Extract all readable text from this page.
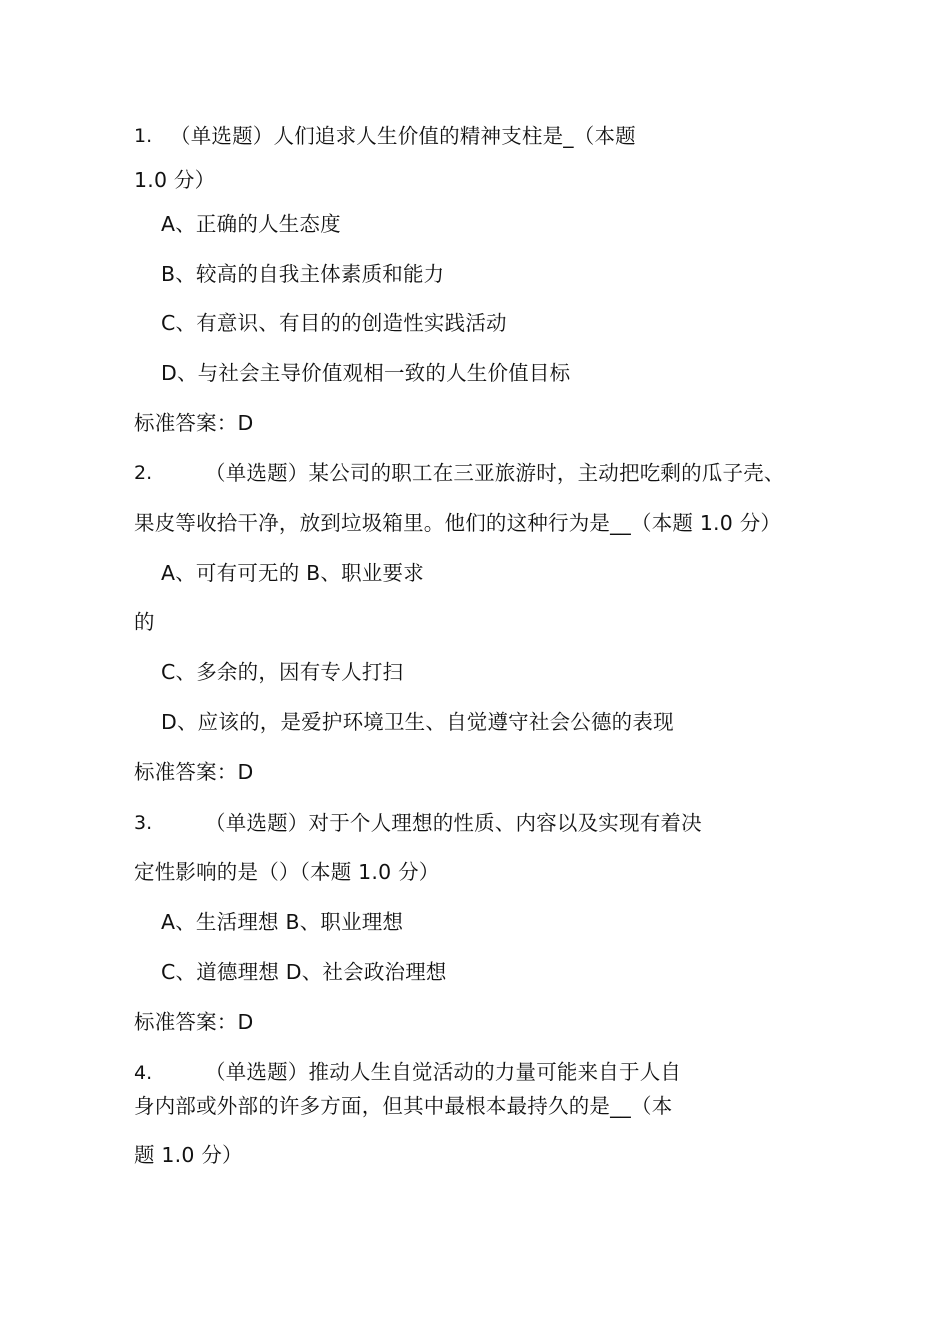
1. （单选题）人们追求人生价值的精神支柱是_（本题
1.0 分）
A、正确的人生态度
B、较高的自我主体素质和能力
C、有意识、有目的的创造性实践活动
D、与社会主导价值观相一致的人生价值目标
标准答案：D
2.	（单选题）某公司的职工在三亚旅游时，主动把吃剩的瓜子壳、
果皮等收拾干净，放到垃圾箱里。他们的这种行为是__（本题 1.0 分）
A、可有可无的 B、职业要求
的
C、多余的，因有专人打扫
D、应该的，是爱护环境卫生、自觉遵守社会公德的表现
标准答案：D
3.	（单选题）对于个人理想的性质、内容以及实现有着决
定性影响的是（）（本题 1.0 分）
A、生活理想 B、职业理想
C、道德理想 D、社会政治理想
标准答案：D
4.	（单选题）推动人生自觉活动的力量可能来自于人自
身内部或外部的许多方面，但其中最根本最持久的是__（本
题 1.0 分）
